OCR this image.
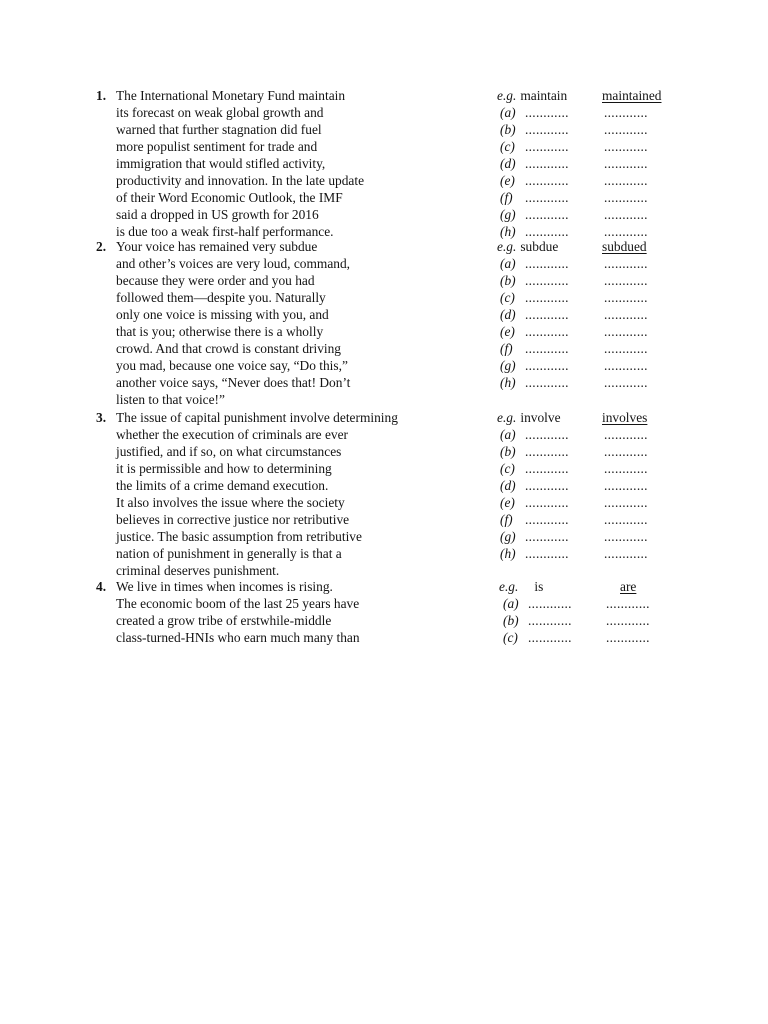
1. The International Monetary Fund maintain	e.g. maintain	maintained
its forecast on weak global growth and	(a) ............	............
warned that further stagnation did fuel	(b) ............	............
more populist sentiment for trade and	(c) ............	............
immigration that would stifled activity,	(d) ............	............
productivity and innovation. In the late update	(e) ............	............
of their Word Economic Outlook, the IMF	(f) ............	............
said a dropped in US growth for 2016	(g) ............	............
is due too a weak first-half performance.	(h) ............	............
2. Your voice has remained very subdue	e.g. subdue	subdued
and other’s voices are very loud, command,	(a) ............	............
because they were order and you had	(b) ............	............
followed them—despite you. Naturally	(c) ............	............
only one voice is missing with you, and	(d) ............	............
that is you; otherwise there is a wholly	(e) ............	............
crowd. And that crowd is constant driving	(f) ............	............
you mad, because one voice say, “Do this,”	(g) ............	............
another voice says, “Never does that! Don’t	(h) ............	............
listen to that voice!”
3. The issue of capital punishment involve determining	e.g. involve	involves
whether the execution of criminals are ever	(a) ............	............
justified, and if so, on what circumstances	(b) ............	............
it is permissible and how to determining	(c) ............	............
the limits of a crime demand execution.	(d) ............	............
It also involves the issue where the society	(e) ............	............
believes in corrective justice nor retributive	(f) ............	............
justice. The basic assumption from retributive	(g) ............	............
nation of punishment in generally is that a	(h) ............	............
criminal deserves punishment.
4. We live in times when incomes is rising.	e.g. is	are
The economic boom of the last 25 years have	(a) ............	............
created a grow tribe of erstwhile-middle	(b) ............	............
class-turned-HNIs who earn much many than	(c) ............	............
